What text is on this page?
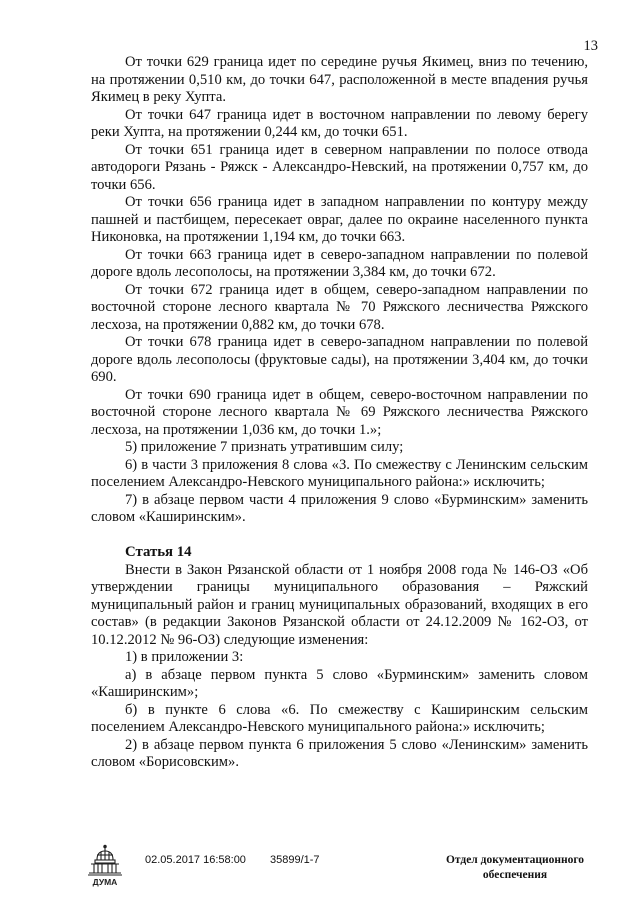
13

От точки 629 граница идет по середине ручья Якимец, вниз по течению, на протяжении 0,510 км, до точки 647, расположенной в месте впадения ручья Якимец в реку Хупта.

От точки 647 граница идет в восточном направлении по левому берегу реки Хупта, на протяжении 0,244 км, до точки 651.

От точки 651 граница идет в северном направлении по полосе отвода автодороги Рязань - Ряжск - Александро-Невский, на протяжении 0,757 км, до точки 656.

От точки 656 граница идет в западном направлении по контуру между пашней и пастбищем, пересекает овраг, далее по окраине населенного пункта Никоновка, на протяжении 1,194 км, до точки 663.

От точки 663 граница идет в северо-западном направлении по полевой дороге вдоль лесополосы, на протяжении 3,384 км, до точки 672.

От точки 672 граница идет в общем, северо-западном направлении по восточной стороне лесного квартала № 70 Ряжского лесничества Ряжского лесхоза, на протяжении 0,882 км, до точки 678.

От точки 678 граница идет в северо-западном направлении по полевой дороге вдоль лесополосы (фруктовые сады), на протяжении 3,404 км, до точки 690.

От точки 690 граница идет в общем, северо-восточном направлении по восточной стороне лесного квартала № 69 Ряжского лесничества Ряжского лесхоза, на протяжении 1,036 км, до точки 1.»;

5) приложение 7 признать утратившим силу;

6) в части 3 приложения 8 слова «3. По смежеству с Ленинским сельским поселением Александро-Невского муниципального района:» исключить;

7) в абзаце первом части 4 приложения 9 слово «Бурминским» заменить словом «Каширинским».

Статья 14

Внести в Закон Рязанской области от 1 ноября 2008 года № 146-ОЗ «Об утверждении границы муниципального образования – Ряжский муниципальный район и границ муниципальных образований, входящих в его состав» (в редакции Законов Рязанской области от 24.12.2009 № 162-ОЗ, от 10.12.2012 № 96-ОЗ) следующие изменения:

1) в приложении 3:

а) в абзаце первом пункта 5 слово «Бурминским» заменить словом «Каширинским»;

б) в пункте 6 слова «6. По смежеству с Каширинским сельским поселением Александро-Невского муниципального района:» исключить;

2) в абзаце первом пункта 6 приложения 5 слово «Ленинским» заменить словом «Борисовским».

ДУМА
02.05.2017 16:58:00 35899/1-7	Отдел документационного
обеспечения
